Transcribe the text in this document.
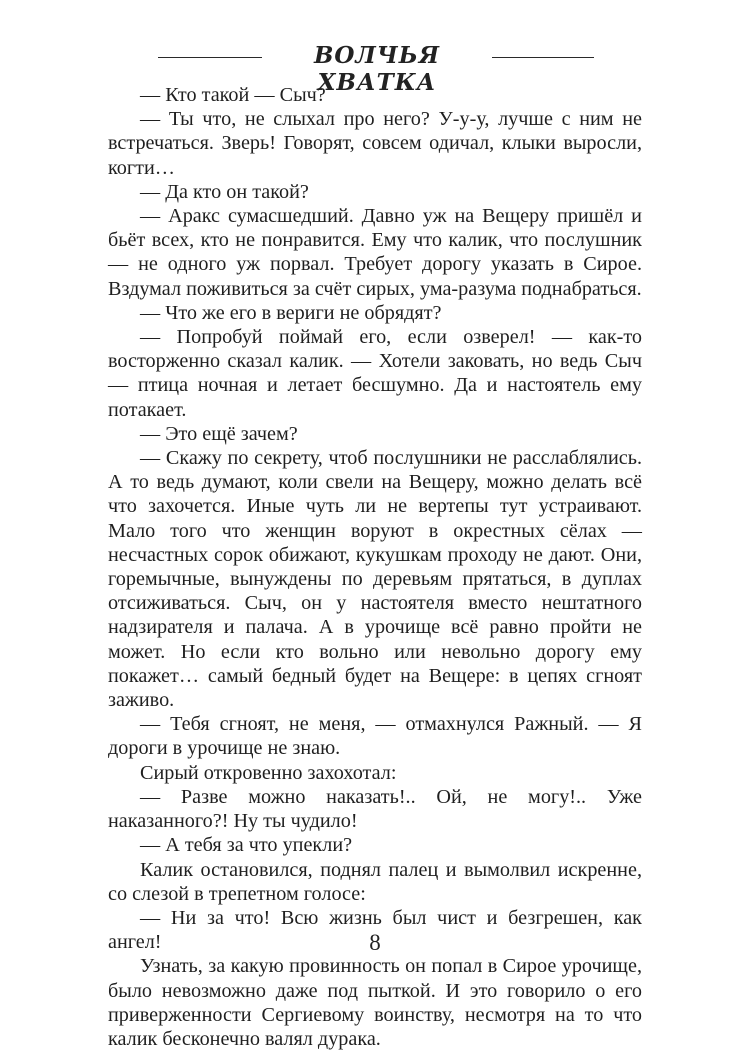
ВОЛЧЬЯ ХВАТКА

— Кто такой — Сыч?

— Ты что, не слыхал про него? У-у-у, лучше с ним не встречаться. Зверь! Говорят, совсем одичал, клыки выросли, когти…

— Да кто он такой?

— Аракс сумасшедший. Давно уж на Вещеру пришёл и бьёт всех, кто не понравится. Ему что калик, что послушник — не одного уж порвал. Требует дорогу указать в Сирое. Вздумал поживиться за счёт сирых, ума-разума поднабраться.

— Что же его в вериги не обрядят?

— Попробуй поймай его, если озверел! — как-то восторженно сказал калик. — Хотели заковать, но ведь Сыч — птица ночная и летает бесшумно. Да и настоятель ему потакает.

— Это ещё зачем?

— Скажу по секрету, чтоб послушники не расслаблялись. А то ведь думают, коли свели на Вещеру, можно делать всё что захочется. Иные чуть ли не вертепы тут устраивают. Мало того что женщин воруют в окрестных сёлах — несчастных сорок обижают, кукушкам проходу не дают. Они, горемычные, вынуждены по деревьям прятаться, в дуплах отсиживаться. Сыч, он у настоятеля вместо нештатного надзирателя и палача. А в урочище всё равно пройти не может. Но если кто вольно или невольно дорогу ему покажет… самый бедный будет на Вещере: в цепях сгноят заживо.

— Тебя сгноят, не меня, — отмахнулся Ражный. — Я дороги в урочище не знаю.

Сирый откровенно захохотал:

— Разве можно наказать!.. Ой, не могу!.. Уже наказанного?! Ну ты чудило!

— А тебя за что упекли?

Калик остановился, поднял палец и вымолвил искренне, со слезой в трепетном голосе:

— Ни за что! Всю жизнь был чист и безгрешен, как ангел!

Узнать, за какую провинность он попал в Сирое урочище, было невозможно даже под пыткой. И это говорило о его приверженности Сергиевому воинству, несмотря на то что калик бесконечно валял дурака.

8
